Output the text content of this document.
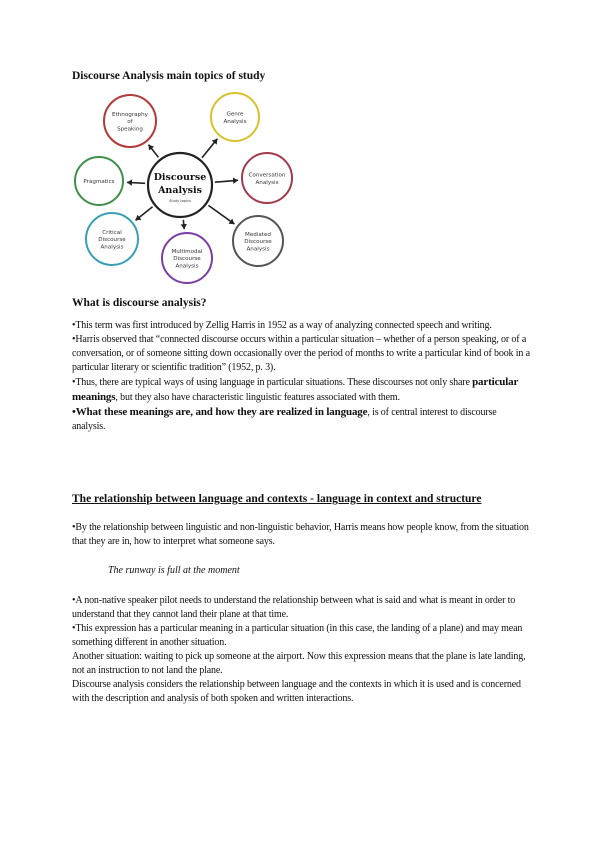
Discourse Analysis main topics of study
Ethnography
of
Speaking
Genre
Analysis
Pragmatics
Conversation
Analysis
Critical
Discourse
Analysis
Multimodal
Discourse
Analysis
Mediated
Discourse
Analysis
Discourse
Analysis
Study topics
What is discourse analysis?

•This term was first introduced by Zellig Harris in 1952 as a way of analyzing connected speech and writing.

•Harris observed that “connected discourse occurs within a particular situation – whether of a person speaking, or of a conversation, or of someone sitting down occasionally over the period of months to write a particular kind of book in a particular literary or scientific tradition” (1952, p. 3).

•Thus, there are typical ways of using language in particular situations. These discourses not only share particular meanings, but they also have characteristic linguistic features associated with them.

•What these meanings are, and how they are realized in language, is of central interest to discourse analysis.

The relationship between language and contexts - language in context and structure

•By the relationship between linguistic and non-linguistic behavior, Harris means how people know, from the situation that they are in, how to interpret what someone says.

The runway is full at the moment

•A non-native speaker pilot needs to understand the relationship between what is said and what is meant in order to understand that they cannot land their plane at that time.

•This expression has a particular meaning in a particular situation (in this case, the landing of a plane) and may mean something different in another situation.

Another situation: waiting to pick up someone at the airport. Now this expression means that the plane is late landing, not an instruction to not land the plane.

Discourse analysis considers the relationship between language and the contexts in which it is used and is concerned with the description and analysis of both spoken and written interactions.
